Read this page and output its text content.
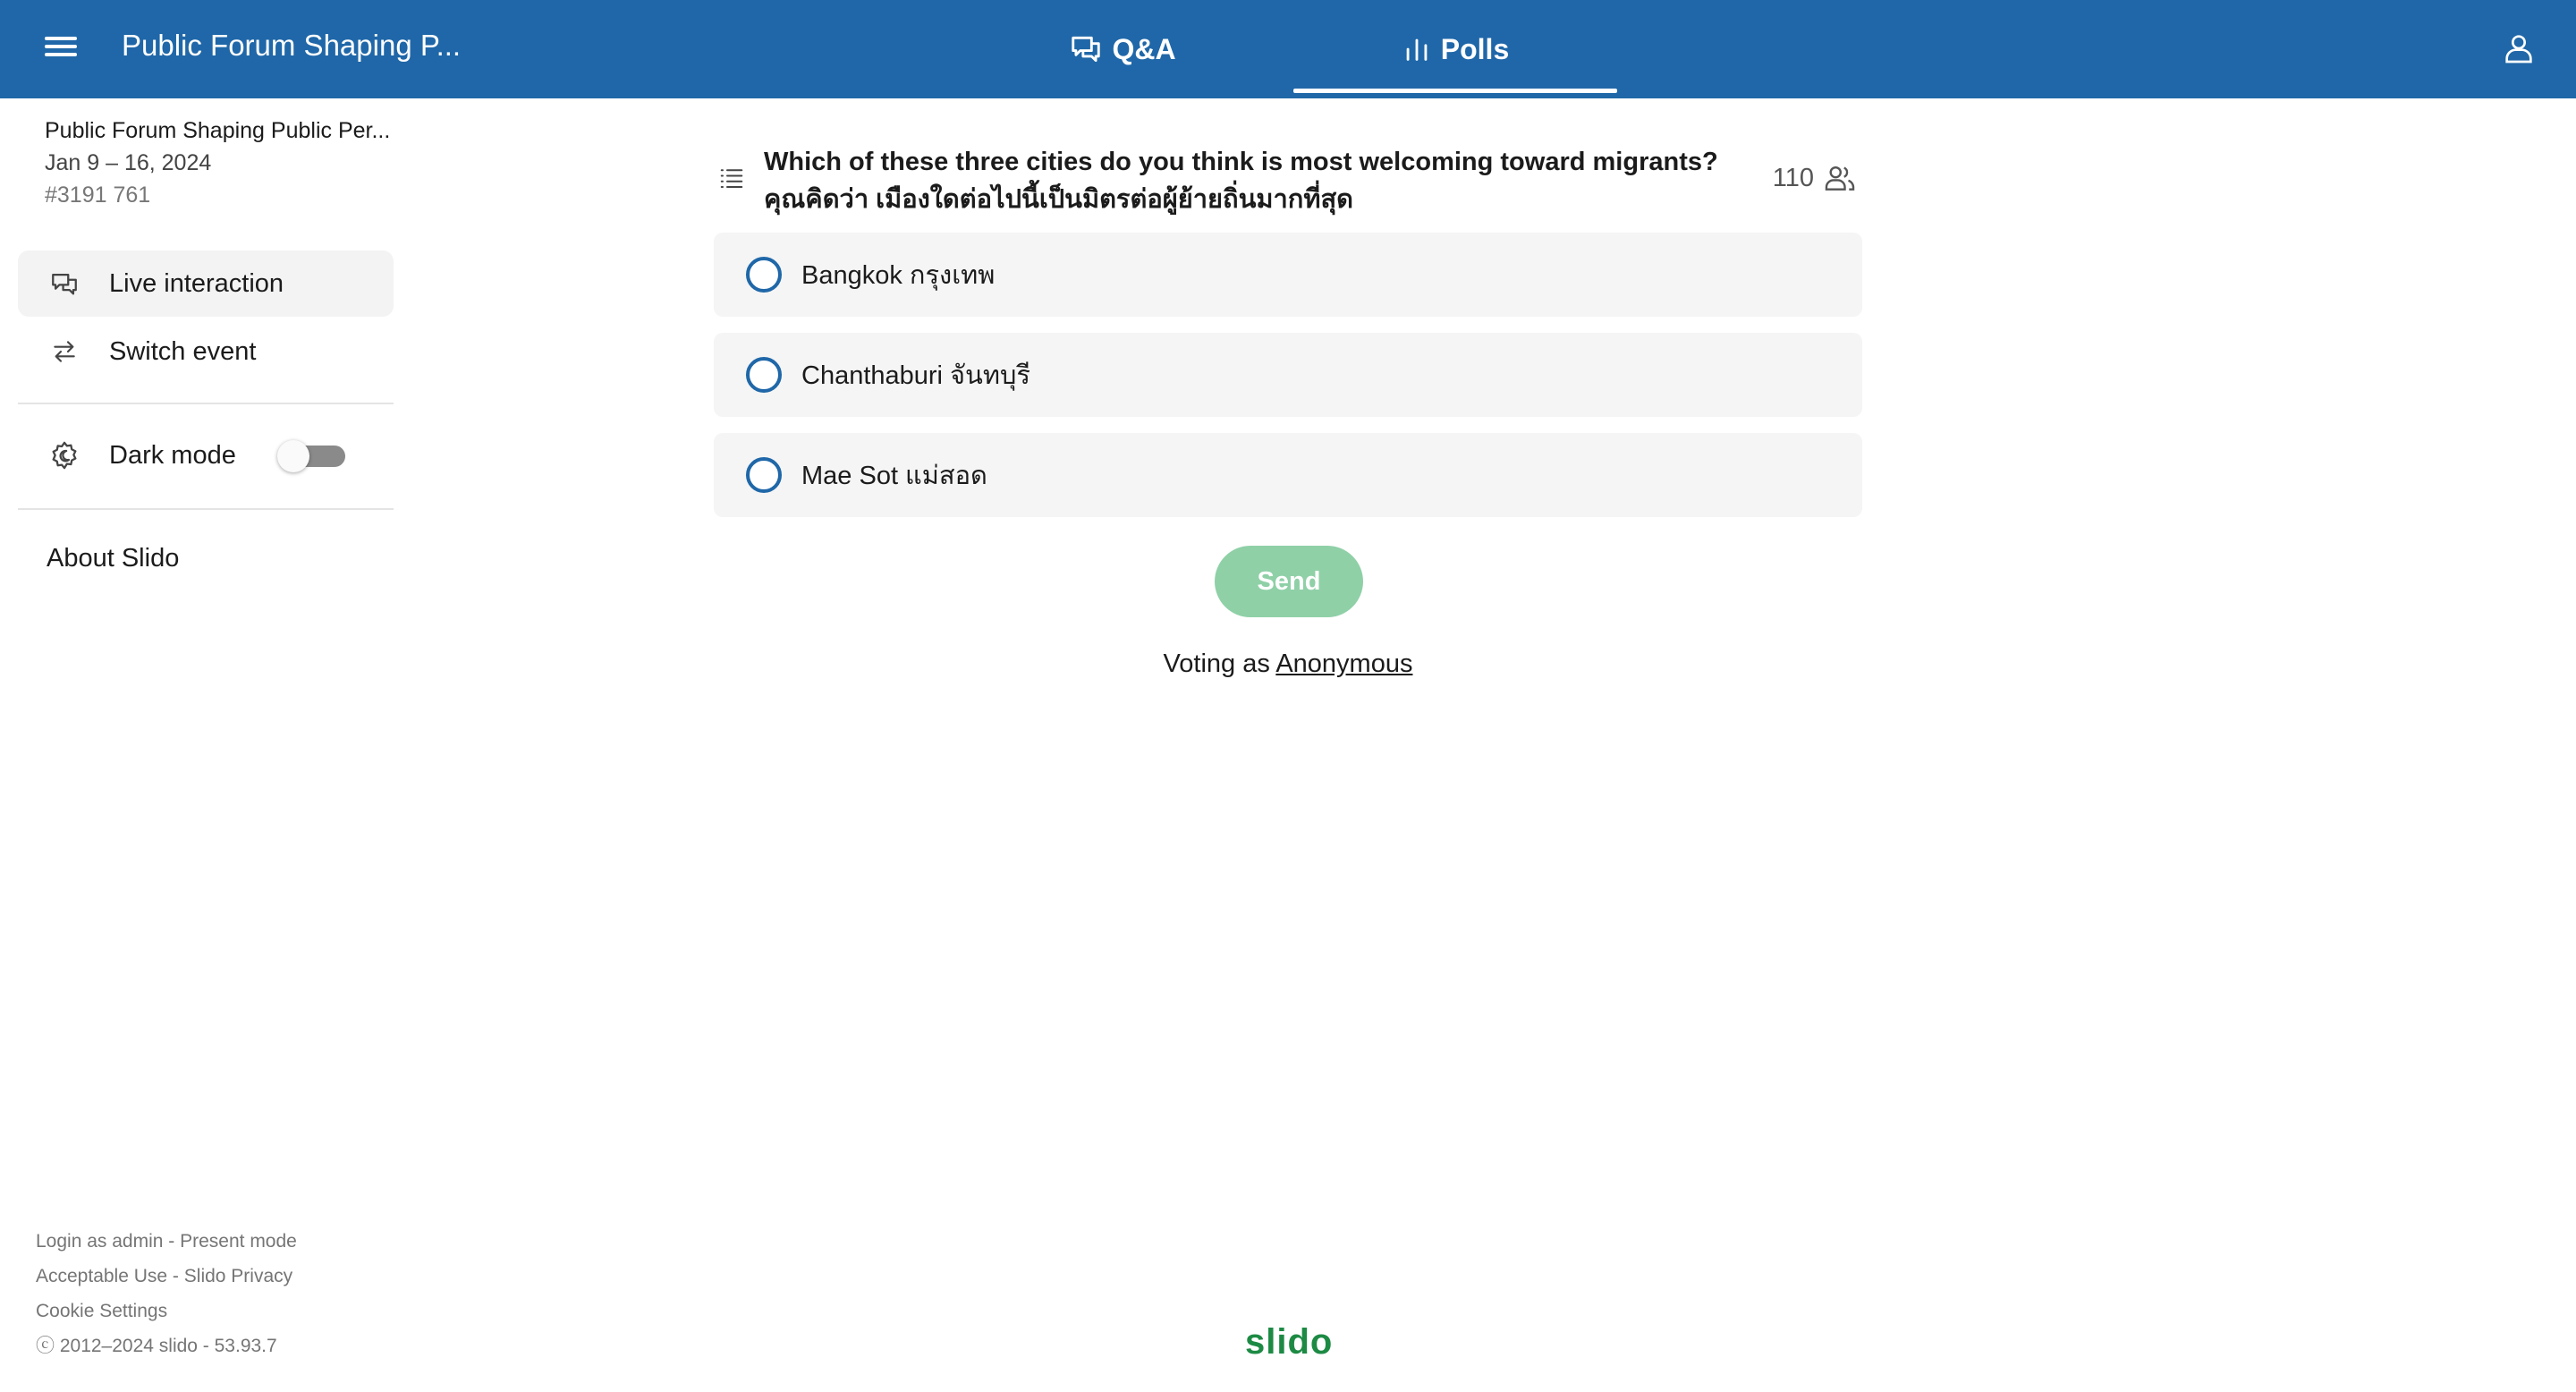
Public Forum Shaping P...	Q&A	Polls
Public Forum Shaping Public Per...
Jan 9 – 16, 2024
#3191 761
Live interaction
Switch event
Dark mode
About Slido
Login as admin - Present mode
Acceptable Use - Slido Privacy
Cookie Settings
ⓒ 2012–2024 slido - 53.93.7
Which of these three cities do you think is most welcoming toward migrants? คุณคิดว่า เมืองใดต่อไปนี้เป็นมิตรต่อผู้ย้ายถิ่นมากที่สุด
110
Bangkok กรุงเทพ
Chanthaburi จันทบุรี
Mae Sot แม่สอด
Send
Voting as Anonymous
slido
